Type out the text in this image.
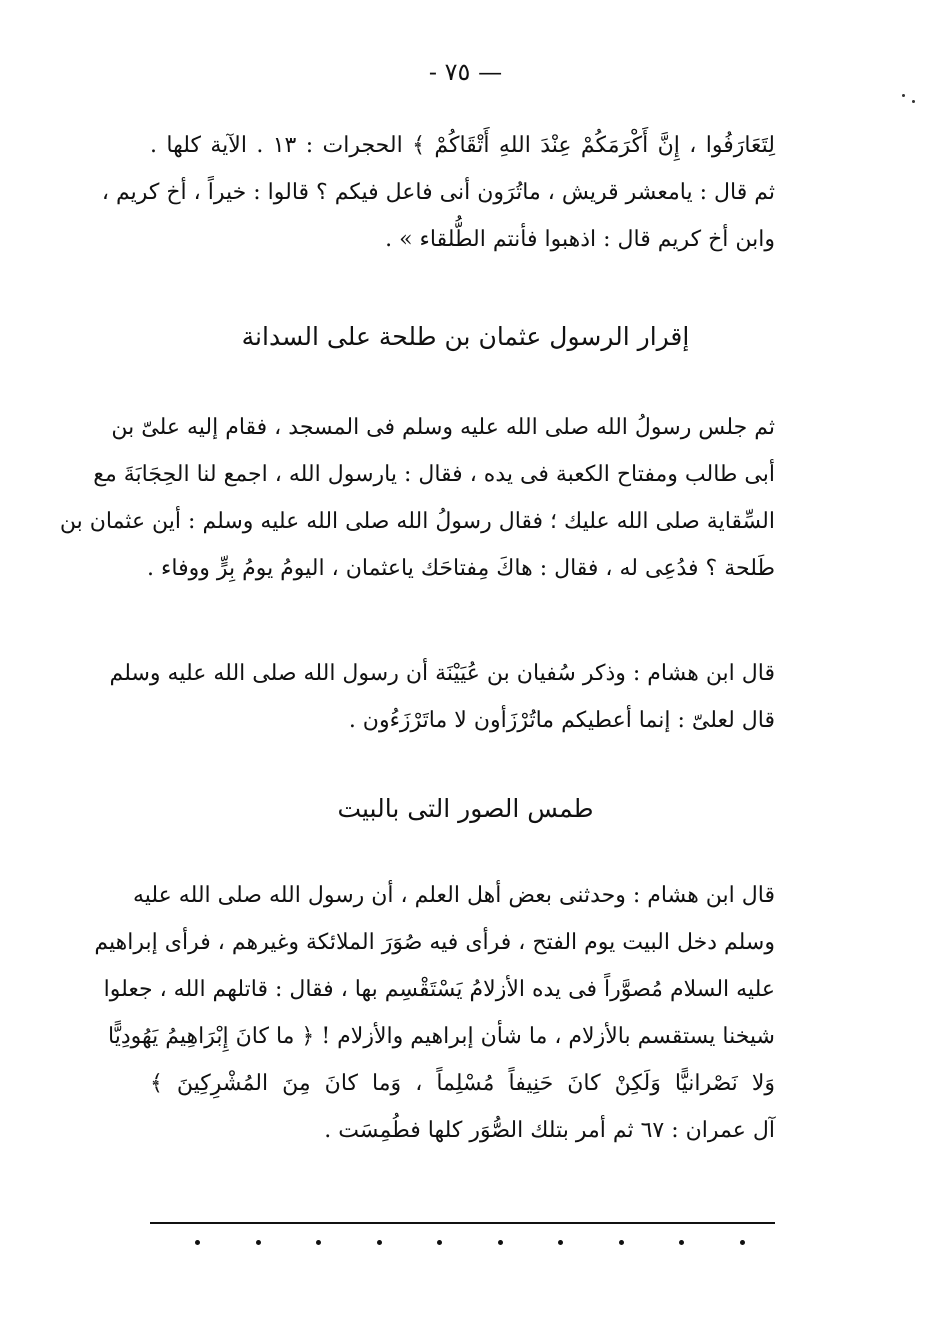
— ٧٥ -
لِتَعَارَفُوا ، إِنَّ أَكْرَمَكُمْ عِنْدَ اللهِ أَتْقَاكُمْ ﴾ الحجرات : ١٣ . الآية كلها .
ثم قال : يامعشر قريش ، ماتُرَون أنى فاعل فيكم ؟ قالوا : خيراً ، أخ كريم ،
وابن أخ كريم قال : اذهبوا فأنتم الطُّلقاء » .
إقرار الرسول عثمان بن طلحة على السدانة
ثم جلس رسولُ الله صلى الله عليه وسلم فى المسجد ، فقام إليه علىّ بن
أبى طالب ومفتاح الكعبة فى يده ، فقال : يارسول الله ، اجمع لنا الحِجَابَةَ مع
السِّقاية صلى الله عليك ؛ فقال رسولُ الله صلى الله عليه وسلم : أين عثمان بن
طَلحة ؟ فدُعِى له ، فقال : هاكَ مِفتاحَك ياعثمان ، اليومُ يومُ بِرٍّ ووفاء .
قال ابن هشام : وذكر سُفيان بن عُيَيْنَة أن رسول الله صلى الله عليه وسلم
قال لعلىّ : إنما أعطيكم ماتُرْزَأون لا ماتَرْزَءُون .
طمس الصور التى بالبيت
قال ابن هشام : وحدثنى بعض أهل العلم ، أن رسول الله صلى الله عليه
وسلم دخل البيت يوم الفتح ، فرأى فيه صُوَرَ الملائكة وغيرهم ، فرأى إبراهيم
عليه السلام مُصوَّراً فى يده الأزلامُ يَسْتَقْسِم بها ، فقال : قاتلهم الله ، جعلوا
شيخنا يستقسم بالأزلام ، ما شأن إبراهيم والأزلام ! ﴿ ما كانَ إِبْرَاهِيمُ يَهُودِيًّا
وَلا نَصْرانيًّا وَلَكِنْ كانَ حَنِيفاً مُسْلِماً ، وَما كانَ مِنَ المُشْرِكِينَ ﴾
آل عمران : ٦٧ ثم أمر بتلك الصُّوَر كلها فطُمِسَت .
